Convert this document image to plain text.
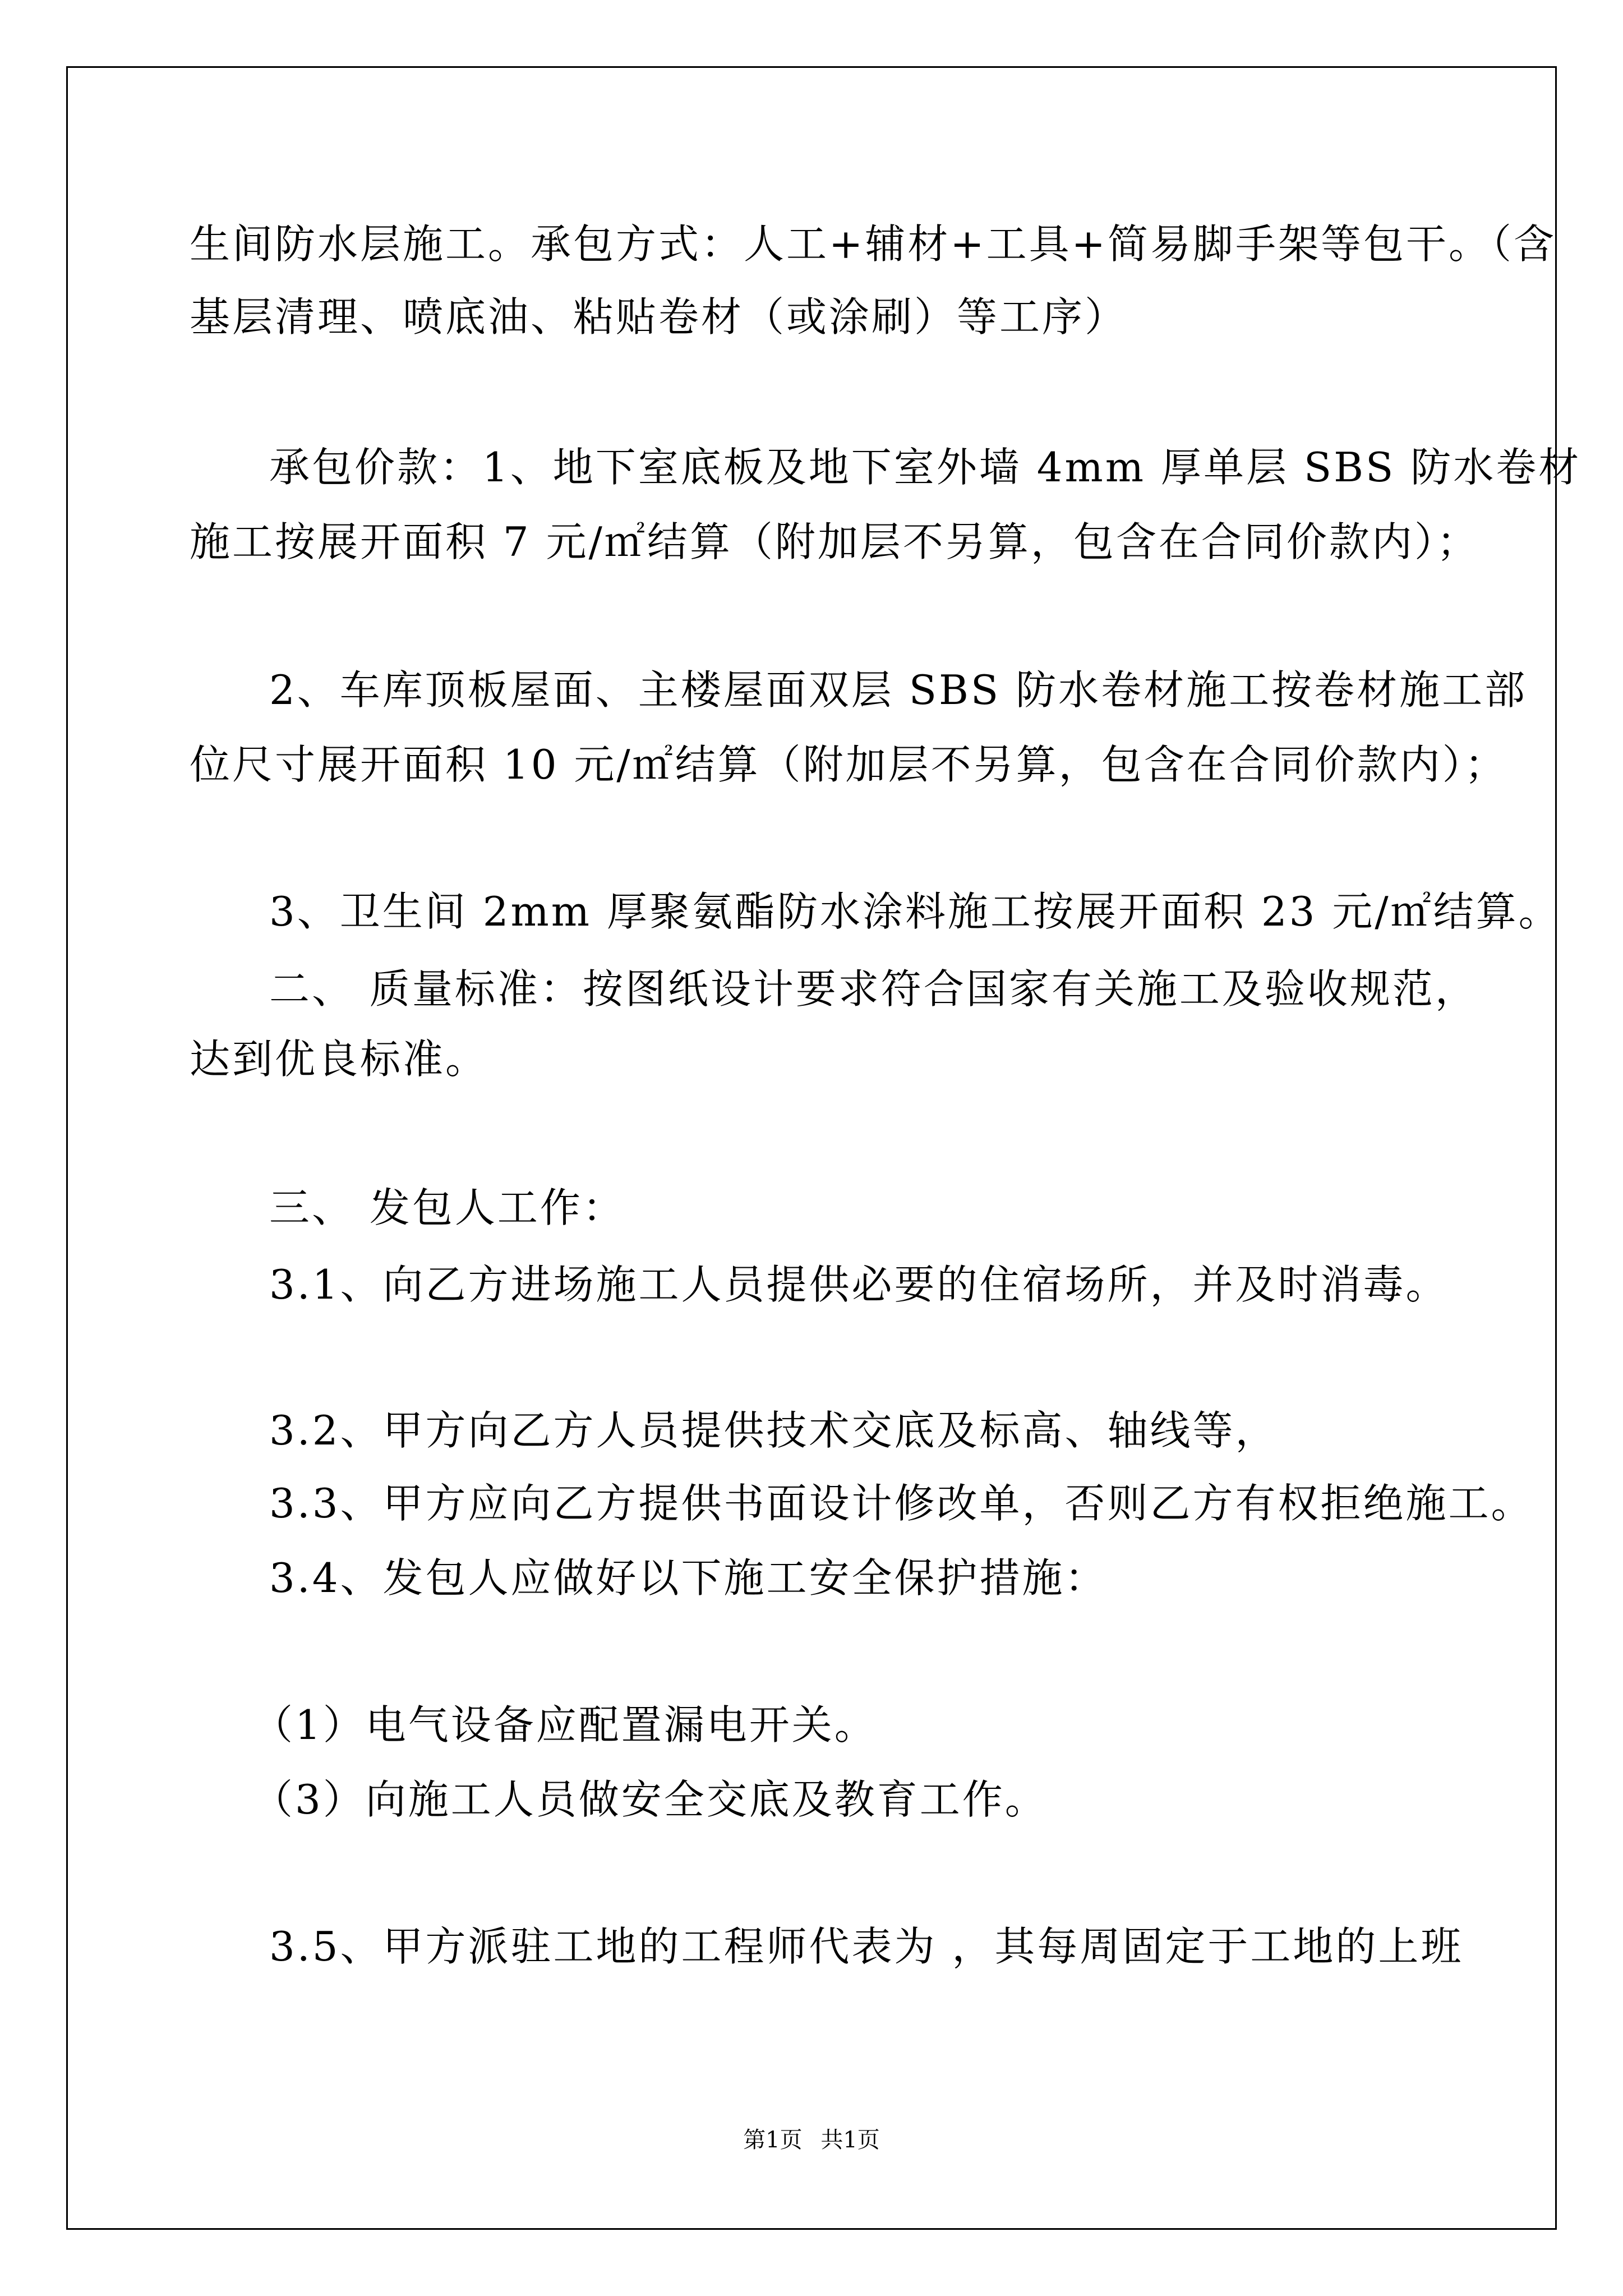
生间防水层施工。承包方式：人工+辅材+工具+简易脚手架等包干。（含
基层清理、喷底油、粘贴卷材（或涂刷）等工序）
承包价款：1、地下室底板及地下室外墙 4mm 厚单层 SBS 防水卷材
施工按展开面积 7 元/㎡结算（附加层不另算，包含在合同价款内）；
2、车库顶板屋面、主楼屋面双层 SBS 防水卷材施工按卷材施工部
位尺寸展开面积 10 元/㎡结算（附加层不另算，包含在合同价款内）；
3、卫生间 2mm 厚聚氨酯防水涂料施工按展开面积 23 元/㎡结算。
二、 质量标准：按图纸设计要求符合国家有关施工及验收规范，
达到优良标准。
三、 发包人工作：
3.1、向乙方进场施工人员提供必要的住宿场所，并及时消毒。
3.2、甲方向乙方人员提供技术交底及标高、轴线等，
3.3、甲方应向乙方提供书面设计修改单，否则乙方有权拒绝施工。
3.4、发包人应做好以下施工安全保护措施：
（1）电气设备应配置漏电开关。
（3）向施工人员做安全交底及教育工作。
3.5、甲方派驻工地的工程师代表为 ，其每周固定于工地的上班
第1页 共1页
